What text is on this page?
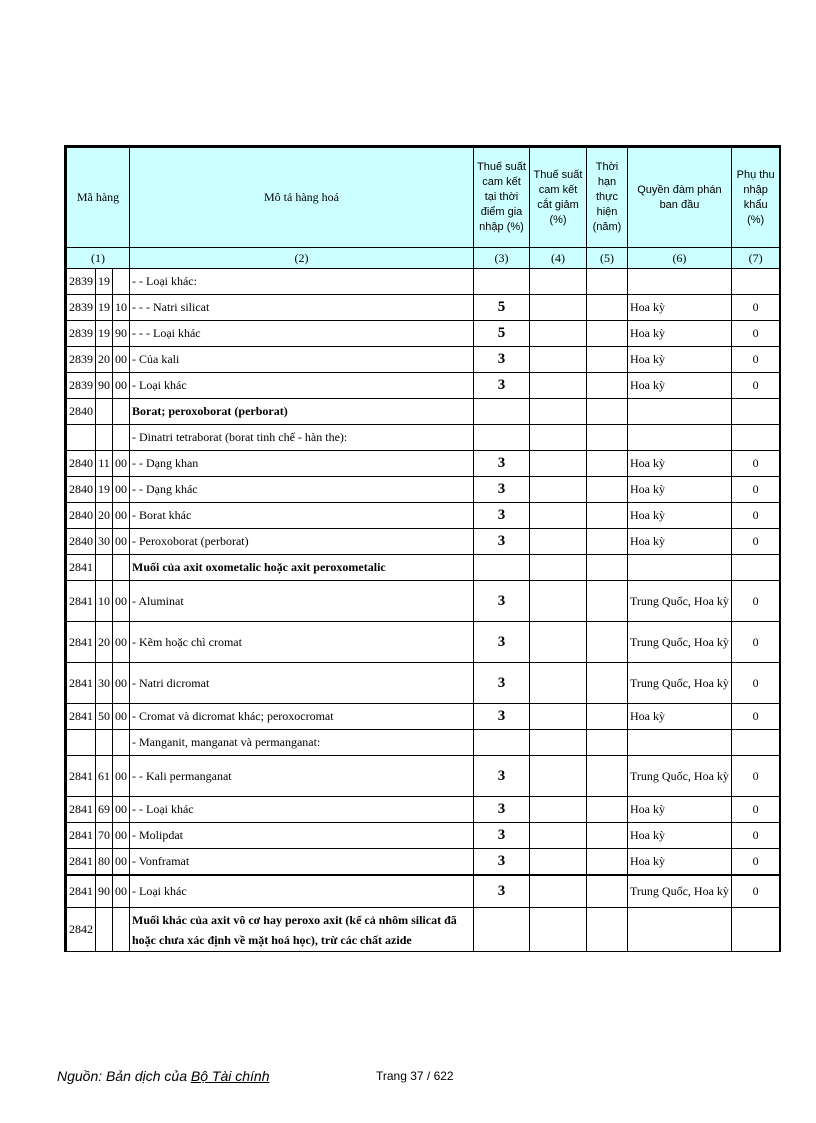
Mã hàng			Mô tả hàng hoá	Thuế suất cam kết tại thời điểm gia nhập (%)	Thuế suất cam kết cắt giảm (%)	Thời hạn thực hiện (năm)	Quyền đàm phán ban đầu	Phụ thu nhập khẩu (%)
(1)			(2)	(3)	(4)	(5)	(6)	(7)
2839	19		- - Loại khác:					
2839	19	10	- - - Natri silicat	5			Hoa kỳ	0
2839	19	90	- - - Loại khác	5			Hoa kỳ	0
2839	20	00	- Của kali	3			Hoa kỳ	0
2839	90	00	- Loại khác	3			Hoa kỳ	0
2840			Borat; peroxoborat (perborat)					
			- Dinatri tetraborat (borat tinh chế - hàn the):					
2840	11	00	- - Dạng khan	3			Hoa kỳ	0
2840	19	00	- - Dạng khác	3			Hoa kỳ	0
2840	20	00	- Borat khác	3			Hoa kỳ	0
2840	30	00	- Peroxoborat (perborat)	3			Hoa kỳ	0
2841			Muối của axit oxometalic hoặc axit peroxometalic					
2841	10	00	- Aluminat	3			Trung Quốc, Hoa kỳ	0
2841	20	00	- Kẽm hoặc chì cromat	3			Trung Quốc, Hoa kỳ	0
2841	30	00	- Natri dicromat	3			Trung Quốc, Hoa kỳ	0
2841	50	00	- Cromat và dicromat khác; peroxocromat	3			Hoa kỳ	0
			- Manganit, manganat và permanganat:					
2841	61	00	- - Kali permanganat	3			Trung Quốc, Hoa kỳ	0
2841	69	00	- - Loại khác	3			Hoa kỳ	0
2841	70	00	- Molipdat	3			Hoa kỳ	0
2841	80	00	- Vonframat	3			Hoa kỳ	0
2841	90	00	- Loại khác	3			Trung Quốc, Hoa kỳ	0
2842			Muối khác của axit vô cơ hay peroxo axit (kể cả nhôm silicat đã hoặc chưa xác định về mặt hoá học), trừ các chất azide					
Nguồn: Bản dịch của Bộ Tài chính	Trang 37 / 622
